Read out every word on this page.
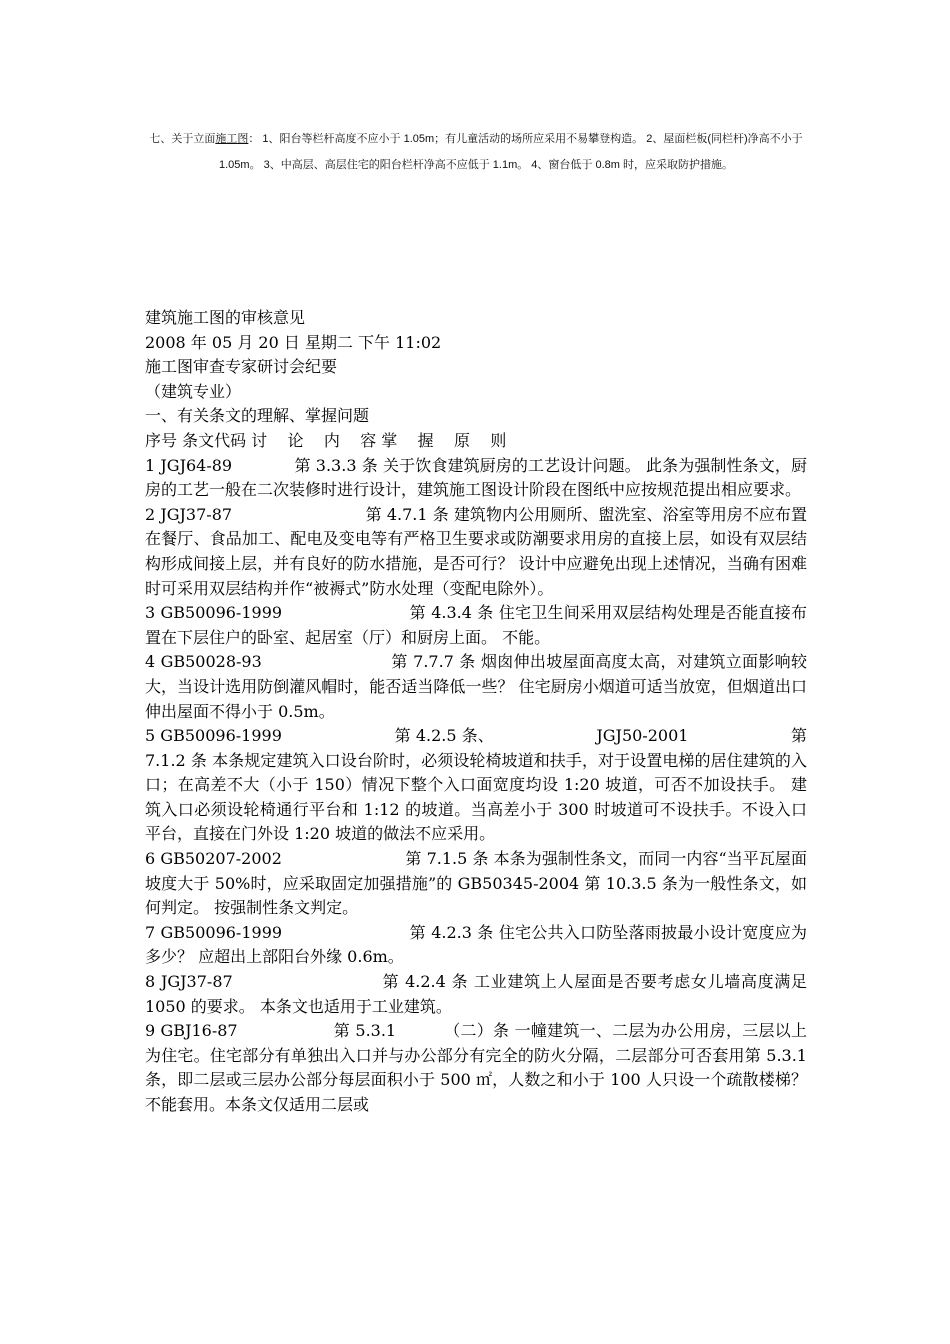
七、关于立面施工图： 1、阳台等栏杆高度不应小于 1.05m；有儿童活动的场所应采用不易攀登构造。 2、屋面栏板(同栏杆)净高不小于 1.05m。 3、中高层、高层住宅的阳台栏杆净高不应低于 1.1m。 4、窗台低于 0.8m 时，应采取防护措施。

建筑施工图的审核意见

2008 年 05 月 20 日 星期二 下午 11:02

施工图审查专家研讨会纪要

（建筑专业）

一、有关条文的理解、掌握问题

序号 条文代码 讨    论    内    容 掌    握    原    则

1 JGJ64-89            第 3.3.3 条 关于饮食建筑厨房的工艺设计问题。 此条为强制性条文，厨房的工艺一般在二次装修时进行设计，建筑施工图设计阶段在图纸中应按规范提出相应要求。

2 JGJ37-87                          第 4.7.1 条 建筑物内公用厕所、盥洗室、浴室等用房不应布置在餐厅、食品加工、配电及变电等有严格卫生要求或防潮要求用房的直接上层，如设有双层结构形成间接上层，并有良好的防水措施，是否可行？ 设计中应避免出现上述情况，当确有困难时可采用双层结构并作“被褥式”防水处理（变配电除外）。

3 GB50096-1999                        第 4.3.4 条 住宅卫生间采用双层结构处理是否能直接布置在下层住户的卧室、起居室（厅）和厨房上面。 不能。

4 GB50028-93                        第 7.7.7 条 烟囱伸出坡屋面高度太高，对建筑立面影响较大，当设计选用防倒灌风帽时，能否适当降低一些？ 住宅厨房小烟道可适当放宽，但烟道出口伸出屋面不得小于 0.5m。

5 GB50096-1999                      第 4.2.5 条、                    JGJ50-2001                    第 7.1.2 条 本条规定建筑入口设台阶时，必须设轮椅坡道和扶手，对于设置电梯的居住建筑的入口；在高差不大（小于 150）情况下整个入口面宽度均设 1:20 坡道，可否不加设扶手。 建筑入口必须设轮椅通行平台和 1:12 的坡道。当高差小于 300 时坡道可不设扶手。不设入口平台，直接在门外设 1:20 坡道的做法不应采用。

6 GB50207-2002                        第 7.1.5 条 本条为强制性条文，而同一内容“当平瓦屋面坡度大于 50%时，应采取固定加强措施”的 GB50345-2004 第 10.3.5 条为一般性条文，如何判定。 按强制性条文判定。

7 GB50096-1999                        第 4.2.3 条 住宅公共入口防坠落雨披最小设计宽度应为多少？ 应超出上部阳台外缘 0.6m。

8 JGJ37-87                          第 4.2.4 条 工业建筑上人屋面是否要考虑女儿墙高度满足 1050 的要求。 本条文也适用于工业建筑。

9 GBJ16-87                  第 5.3.1         （二）条 一幢建筑一、二层为办公用房，三层以上为住宅。住宅部分有单独出入口并与办公部分有完全的防火分隔，二层部分可否套用第 5.3.1 条，即二层或三层办公部分每层面积小于 500 ㎡，人数之和小于 100 人只设一个疏散楼梯？ 不能套用。本条文仅适用二层或
